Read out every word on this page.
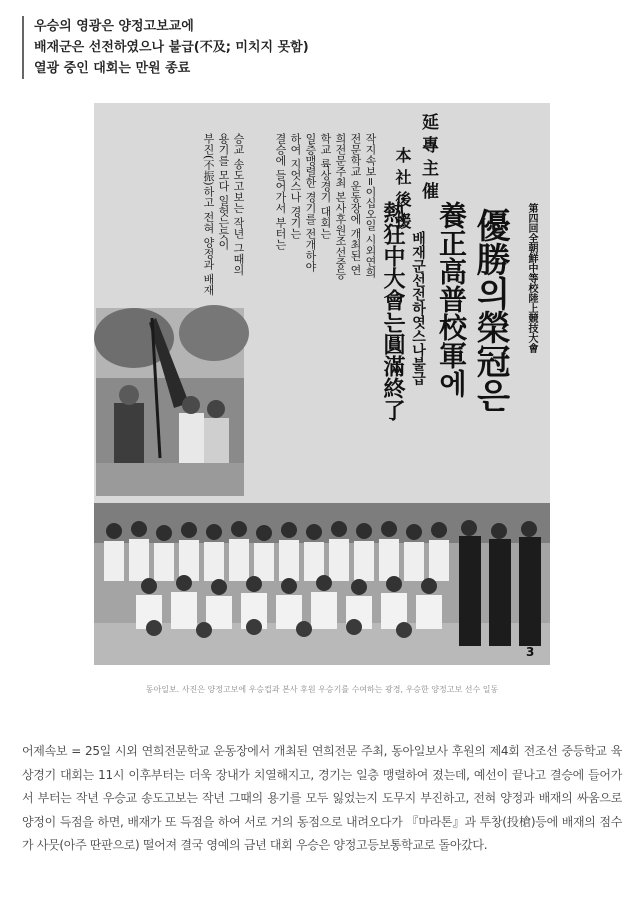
우승의 영광은 양정고보교에
배재군은 선전하였으나 불급(不及; 미치지 못함)
열광 중인 대회는 만원 종료
延專主催
本社後援
第四回全朝鮮中等校陸上競技大會
優勝의榮冠은
養正高普校軍에
배재군선전하엿스나불급
熱狂中大會는圓滿終了
작지속보=이십오일 시외연희
전문학교 운동장에 개최된 연
희전문주최 본사후원조선중등
학교 륙상경기 대회는
일층맹렬한 경기를 전개하야
하여 지엇스나 경기는
결승에 들어가서 부터는
승교 송도고보는 작년 그때의
용기를 모다 일헛는듯이
부진(不振)하고 전혀 양정과 배재
3
동아일보. 사진은 양정고보에 우승컵과 본사 후원 우승기를 수여하는 광경, 우승한 양정고보 선수 일동
어제속보 = 25일 시외 연희전문학교 운동장에서 개최된 연희전문 주최, 동아일보사 후원의 제4회 전조선 중등학교 육상경기 대회는 11시 이후부터는 더욱 장내가 치열해지고, 경기는 일층 맹렬하여 졌는데, 예선이 끝나고 결승에 들어가서 부터는 작년 우승교 송도고보는 작년 그때의 용기를 모두 잃었는지 도무지 부진하고, 전혀 양정과 배재의 싸움으로 양정이 득점을 하면, 배재가 또 득점을 하여 서로 거의 동점으로 내려오다가 『마라톤』과 투창(投槍)등에 배재의 점수가 사뭇(아주 딴판으로) 떨어져 결국 영예의 금년 대회 우승은 양정고등보통학교로 돌아갔다.
